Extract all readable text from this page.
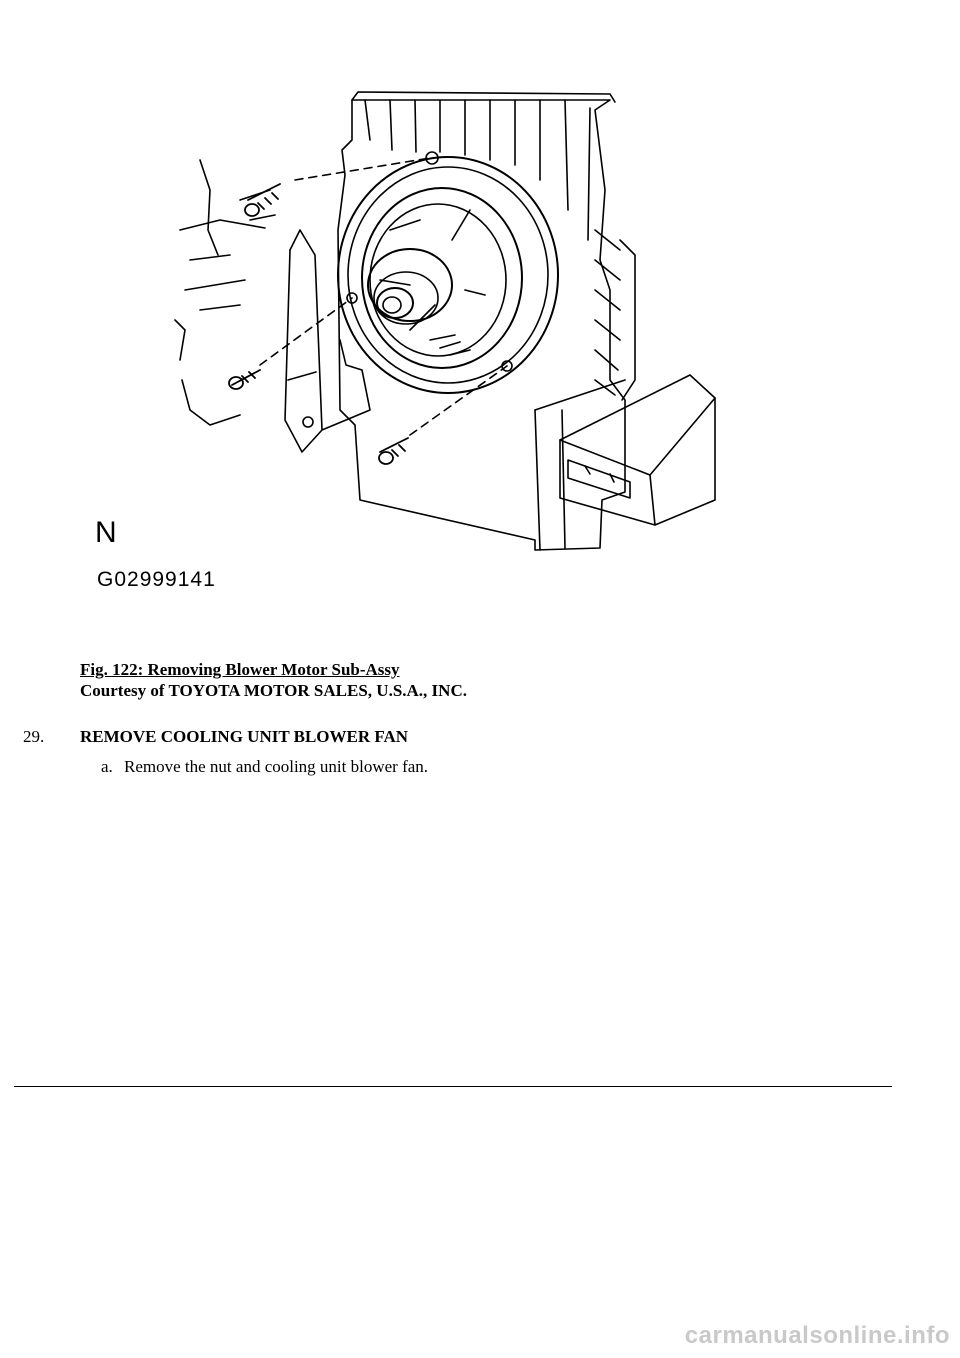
N
G02999141
Fig. 122: Removing Blower Motor Sub-Assy
Courtesy of TOYOTA MOTOR SALES, U.S.A., INC.
29. REMOVE COOLING UNIT BLOWER FAN
a. Remove the nut and cooling unit blower fan.
carmanualsonline.info
